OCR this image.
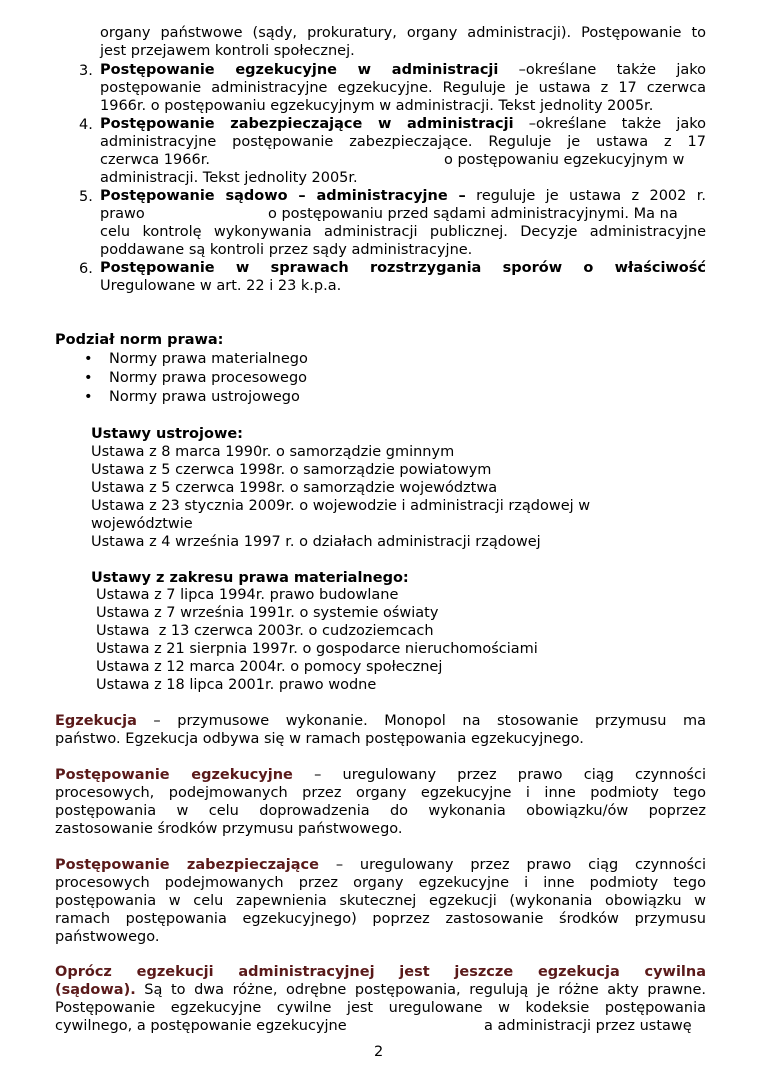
organy państwowe (sądy, prokuratury, organy administracji). Postępowanie to
jest przejawem kontroli społecznej.
3. Postępowanie egzekucyjne w administracji –określane także jako
postępowanie administracyjne egzekucyjne. Reguluje je ustawa z 17 czerwca
1966r. o postępowaniu egzekucyjnym w administracji. Tekst jednolity 2005r.
4. Postępowanie zabezpieczające w administracji –określane także jako
administracyjne postępowanie zabezpieczające. Reguluje je ustawa z 17
czerwca 1966r.	o postępowaniu egzekucyjnym w
administracji. Tekst jednolity 2005r.
5. Postępowanie sądowo – administracyjne – reguluje je ustawa z 2002 r.
prawo	o postępowaniu przed sądami administracyjnymi. Ma na
celu kontrolę wykonywania administracji publicznej. Decyzje administracyjne
poddawane są kontroli przez sądy administracyjne.
6. Postępowanie w sprawach rozstrzygania sporów o właściwość
Uregulowane w art. 22 i 23 k.p.a.
Podział norm prawa:
• Normy prawa materialnego
• Normy prawa procesowego
• Normy prawa ustrojowego
Ustawy ustrojowe:
Ustawa z 8 marca 1990r. o samorządzie gminnym
Ustawa z 5 czerwca 1998r. o samorządzie powiatowym
Ustawa z 5 czerwca 1998r. o samorządzie województwa
Ustawa z 23 stycznia 2009r. o wojewodzie i administracji rządowej w
województwie
Ustawa z 4 września 1997 r. o działach administracji rządowej
Ustawy z zakresu prawa materialnego:
Ustawa z 7 lipca 1994r. prawo budowlane
Ustawa z 7 września 1991r. o systemie oświaty
Ustawa  z 13 czerwca 2003r. o cudzoziemcach
Ustawa z 21 sierpnia 1997r. o gospodarce nieruchomościami
Ustawa z 12 marca 2004r. o pomocy społecznej
Ustawa z 18 lipca 2001r. prawo wodne
Egzekucja – przymusowe wykonanie. Monopol na stosowanie przymusu ma
państwo. Egzekucja odbywa się w ramach postępowania egzekucyjnego.
Postępowanie egzekucyjne – uregulowany przez prawo ciąg czynności
procesowych, podejmowanych przez organy egzekucyjne i inne podmioty tego
postępowania w celu doprowadzenia do wykonania obowiązku/ów poprzez
zastosowanie środków przymusu państwowego.
Postępowanie zabezpieczające – uregulowany przez prawo ciąg czynności
procesowych podejmowanych przez organy egzekucyjne i inne podmioty tego
postępowania w celu zapewnienia skutecznej egzekucji (wykonania obowiązku w
ramach postępowania egzekucyjnego) poprzez zastosowanie środków przymusu
państwowego.
Oprócz egzekucji administracyjnej jest jeszcze egzekucja cywilna
(sądowa). Są to dwa różne, odrębne postępowania, regulują je różne akty prawne.
Postępowanie egzekucyjne cywilne jest uregulowane w kodeksie postępowania
cywilnego, a postępowanie egzekucyjne	a administracji przez ustawę
2
